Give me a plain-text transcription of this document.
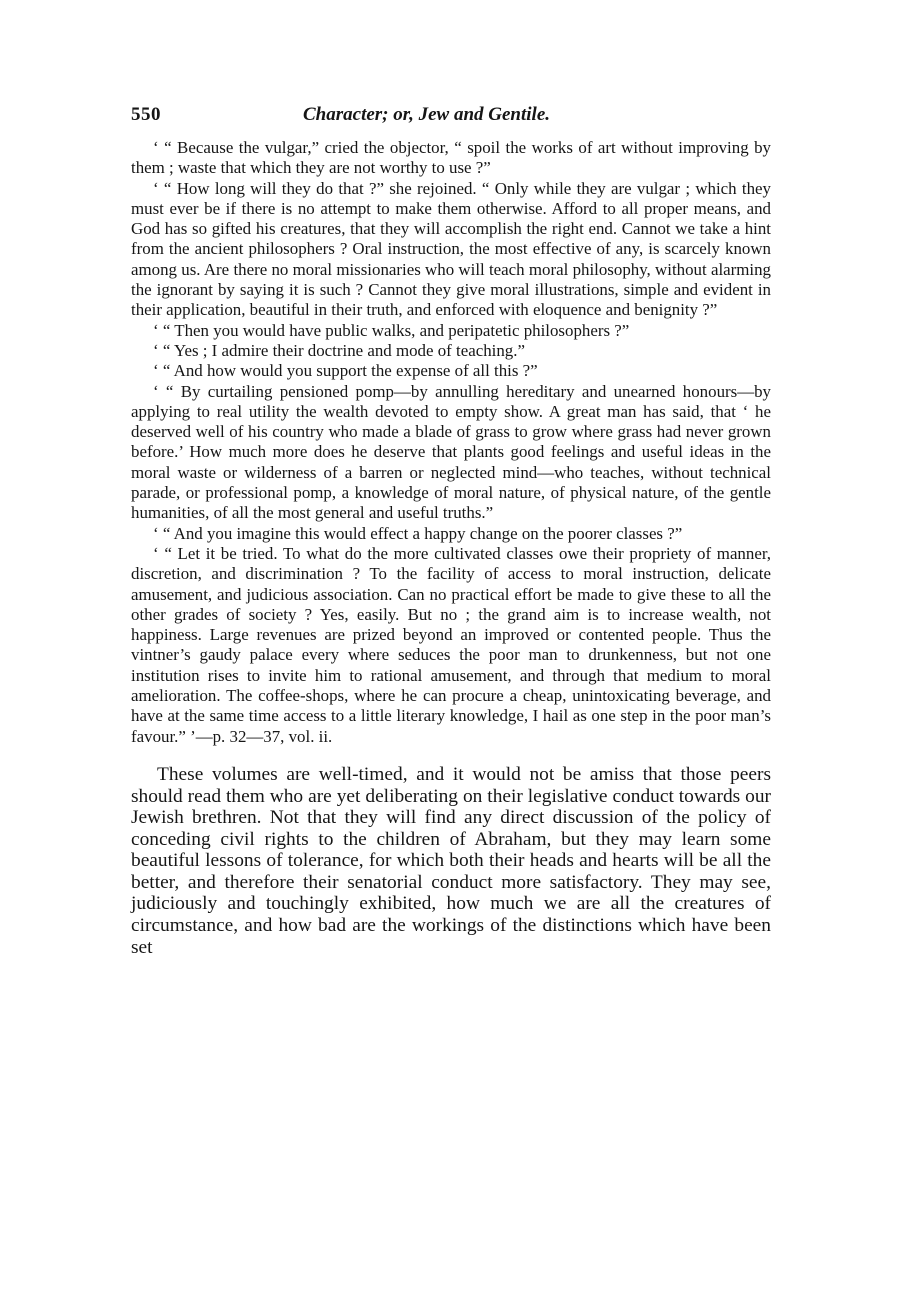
550	Character; or, Jew and Gentile.

‘ “ Because the vulgar,” cried the objector, “ spoil the works of art without improving by them ; waste that which they are not worthy to use ?”

‘ “ How long will they do that ?” she rejoined. “ Only while they are vulgar ; which they must ever be if there is no attempt to make them otherwise. Afford to all proper means, and God has so gifted his creatures, that they will accomplish the right end. Cannot we take a hint from the ancient philosophers ? Oral instruction, the most effective of any, is scarcely known among us. Are there no moral missionaries who will teach moral philosophy, without alarming the ignorant by saying it is such ? Cannot they give moral illustrations, simple and evident in their application, beautiful in their truth, and enforced with eloquence and benignity ?”

‘ “ Then you would have public walks, and peripatetic philosophers ?”

‘ “ Yes ; I admire their doctrine and mode of teaching.”

‘ “ And how would you support the expense of all this ?”

‘ “ By curtailing pensioned pomp—by annulling hereditary and unearned honours—by applying to real utility the wealth devoted to empty show. A great man has said, that ‘ he deserved well of his country who made a blade of grass to grow where grass had never grown before.’ How much more does he deserve that plants good feelings and useful ideas in the moral waste or wilderness of a barren or neglected mind—who teaches, without technical parade, or professional pomp, a knowledge of moral nature, of physical nature, of the gentle humanities, of all the most general and useful truths.”

‘ “ And you imagine this would effect a happy change on the poorer classes ?”

‘ “ Let it be tried. To what do the more cultivated classes owe their propriety of manner, discretion, and discrimination ? To the facility of access to moral instruction, delicate amusement, and judicious association. Can no practical effort be made to give these to all the other grades of society ? Yes, easily. But no ; the grand aim is to increase wealth, not happiness. Large revenues are prized beyond an improved or contented people. Thus the vintner’s gaudy palace every where seduces the poor man to drunkenness, but not one institution rises to invite him to rational amusement, and through that medium to moral amelioration. The coffee-shops, where he can procure a cheap, unintoxicating beverage, and have at the same time access to a little literary knowledge, I hail as one step in the poor man’s favour.” ’—p. 32—37, vol. ii.

These volumes are well-timed, and it would not be amiss that those peers should read them who are yet deliberating on their legislative conduct towards our Jewish brethren. Not that they will find any direct discussion of the policy of conceding civil rights to the children of Abraham, but they may learn some beautiful lessons of tolerance, for which both their heads and hearts will be all the better, and therefore their senatorial conduct more satisfactory. They may see, judiciously and touchingly exhibited, how much we are all the creatures of circumstance, and how bad are the workings of the distinctions which have been set
